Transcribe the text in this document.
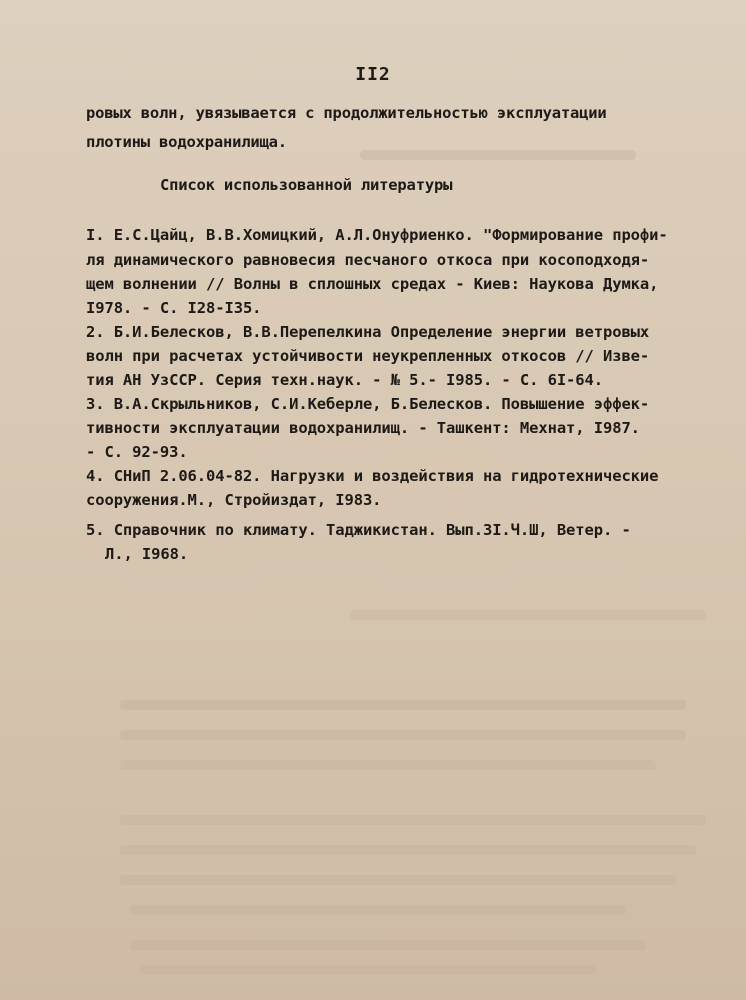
II2
ровых волн, увязывается с продолжительностью эксплуатации
плотины водохранилища.
Список использованной литературы
I. Е.С.Цайц, В.В.Хомицкий, А.Л.Онуфриенко. "Формирование профи-
ля динамического равновесия песчаного откоса при косоподходя-
щем волнении // Волны в сплошных средах - Киев: Наукова Думка,
I978. - С. I28-I35.
2. Б.И.Белесков, В.В.Перепелкина Определение энергии ветровых
волн при расчетах устойчивости неукрепленных откосов // Изве-
тия АН УзССР. Серия техн.наук. - № 5.- I985. - С. 6I-64.
3. В.А.Скрыльников, С.И.Кеберле, Б.Белесков. Повышение эффек-
тивности эксплуатации водохранилищ. - Ташкент: Мехнат, I987.
- С. 92-93.
4. СНиП 2.06.04-82. Нагрузки и воздействия на гидротехнические
сооружения.М., Стройиздат, I983.
5. Справочник по климату. Таджикистан. Вып.3I.Ч.Ш, Ветер. -
Л., I968.
